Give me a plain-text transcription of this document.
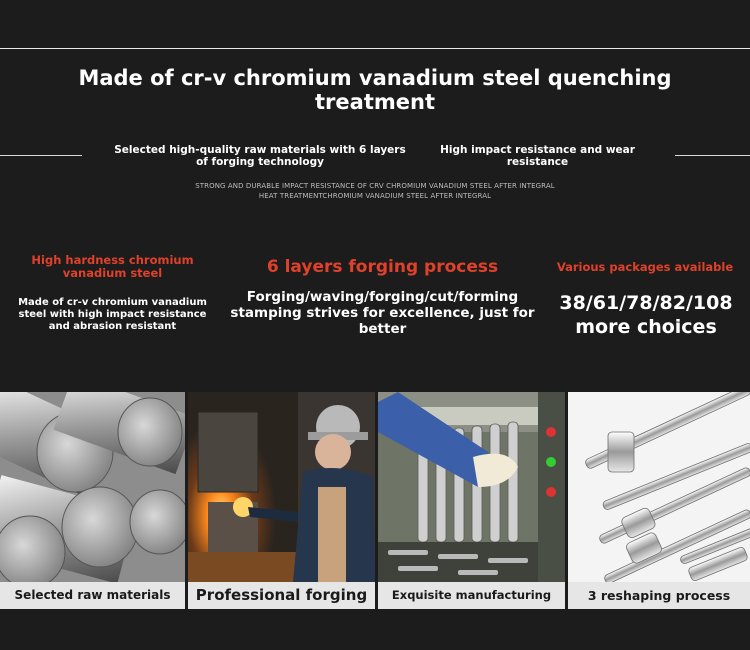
Made of cr-v chromium vanadium steel quenching treatment
Selected high-quality raw materials with 6 layers of forging technology
High impact resistance and wear resistance
STRONG AND DURABLE IMPACT RESISTANCE OF CRV CHROMIUM VANADIUM STEEL AFTER INTEGRAL
HEAT TREATMENTCHROMIUM VANADIUM STEEL AFTER INTEGRAL
High hardness chromium vanadium steel
Made of cr-v chromium vanadium steel with high impact resistance and abrasion resistant
6 layers forging process
Forging/waving/forging/cut/forming stamping strives for excellence, just for better
Various packages available
38/61/78/82/108 more choices
Selected raw materials	Professional forging	Exquisite manufacturing	3 reshaping process
